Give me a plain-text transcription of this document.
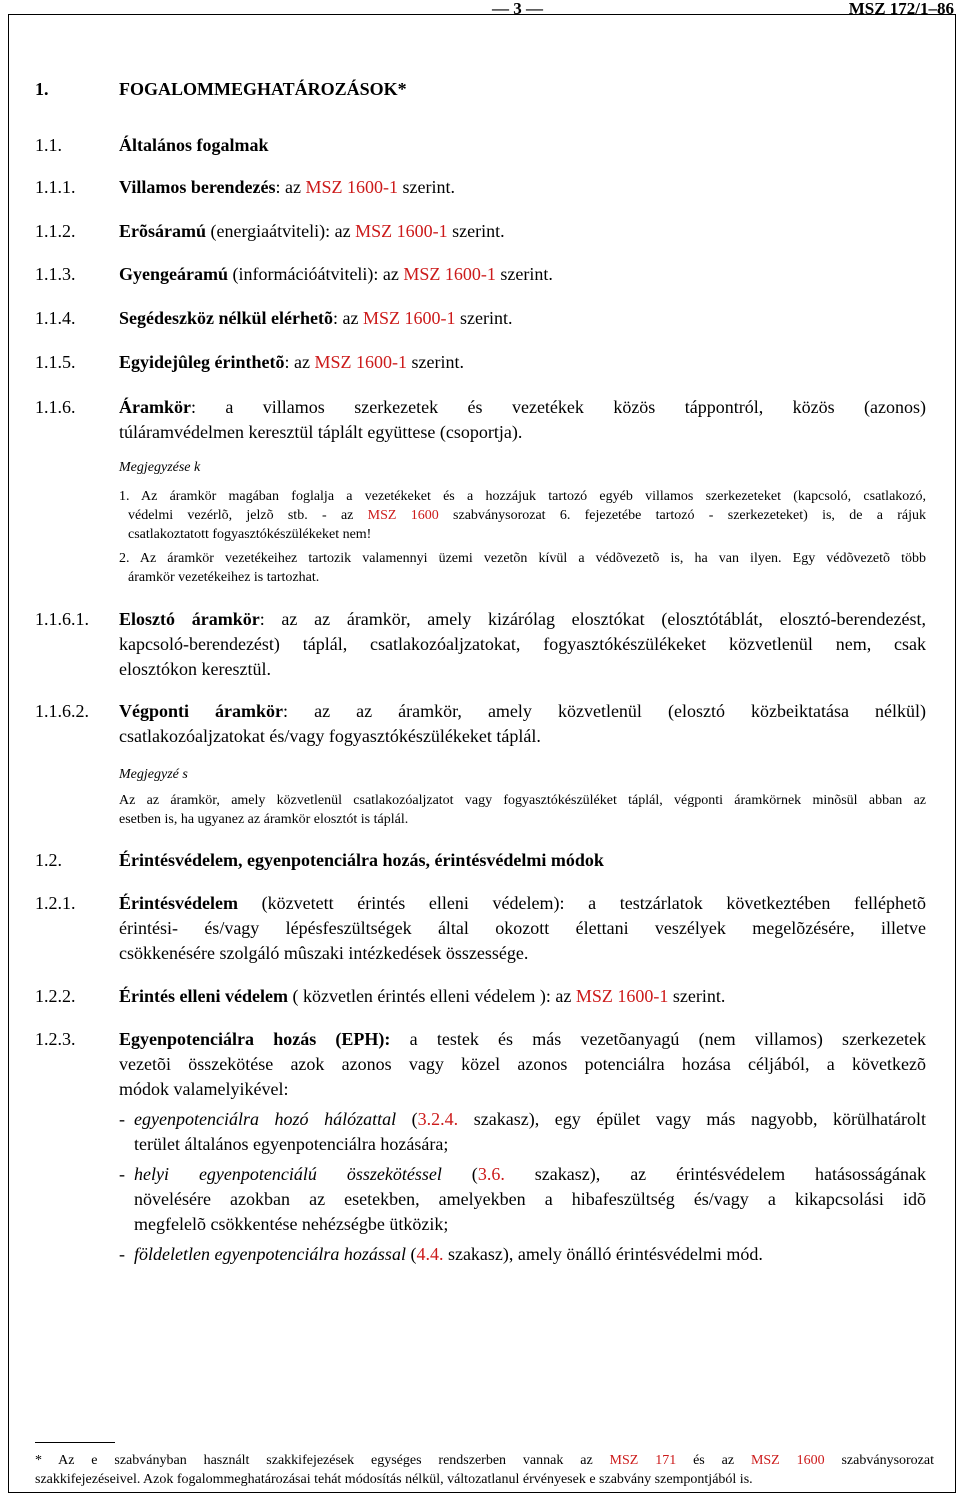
— 3 —	MSZ 172/1–86
1.	FOGALOMMEGHATÁROZÁSOK*
1.1.	Általános fogalmak
1.1.1. Villamos berendezés: az MSZ 1600-1 szerint.
1.1.2. Erõsáramú (energiaátviteli): az MSZ 1600-1 szerint.
1.1.3. Gyengeáramú (információátviteli): az MSZ 1600-1 szerint.
1.1.4. Segédeszköz nélkül elérhetõ: az MSZ 1600-1 szerint.
1.1.5. Egyidejûleg érinthetõ: az MSZ 1600-1 szerint.
1.1.6. Áramkör: a villamos szerkezetek és vezetékek közös táppontról, közös (azonos)
túláramvédelmen keresztül táplált együttese (csoportja).
Megjegyzése k
1. Az áramkör magában foglalja a vezetékeket és a hozzájuk tartozó egyéb villamos szerkezeteket (kapcsoló, csatlakozó,
védelmi vezérlõ, jelzõ stb. - az MSZ 1600 szabványsorozat 6. fejezetébe tartozó - szerkezeteket) is, de a rájuk
csatlakoztatott fogyasztókészülékeket nem!
2. Az áramkör vezetékeihez tartozik valamennyi üzemi vezetõn kívül a védõvezetõ is, ha van ilyen. Egy védõvezetõ több
áramkör vezetékeihez is tartozhat.
1.1.6.1. Elosztó áramkör: az az áramkör, amely kizárólag elosztókat (elosztótáblát, elosztó-berendezést,
kapcsoló-berendezést) táplál, csatlakozóaljzatokat, fogyasztókészülékeket közvetlenül nem, csak
elosztókon keresztül.
1.1.6.2. Végponti áramkör: az az áramkör, amely közvetlenül (elosztó közbeiktatása nélkül)
csatlakozóaljzatokat és/vagy fogyasztókészülékeket táplál.
Megjegyzé s
Az az áramkör, amely közvetlenül csatlakozóaljzatot vagy fogyasztókészüléket táplál, végponti áramkörnek minõsül abban az
esetben is, ha ugyanez az áramkör elosztót is táplál.
1.2.	Érintésvédelem, egyenpotenciálra hozás, érintésvédelmi módok
1.2.1. Érintésvédelem (közvetett érintés elleni védelem): a testzárlatok következtében felléphetõ
érintési- és/vagy lépésfeszültségek által okozott élettani veszélyek megelõzésére, illetve
csökkenésére szolgáló mûszaki intézkedések összessége.
1.2.2. Érintés elleni védelem ( közvetlen érintés elleni védelem ): az MSZ 1600-1 szerint.
1.2.3. Egyenpotenciálra hozás (EPH): a testek és más vezetõanyagú (nem villamos) szerkezetek
vezetõi összekötése azok azonos vagy közel azonos potenciálra hozása céljából, a következõ
módok valamelyikével:
- egyenpotenciálra hozó hálózattal (3.2.4. szakasz), egy épület vagy más nagyobb, körülhatárolt
terület általános egyenpotenciálra hozására;
- helyi egyenpotenciálú összekötéssel (3.6. szakasz), az érintésvédelem hatásosságának
növelésére azokban az esetekben, amelyekben a hibafeszültség és/vagy a kikapcsolási idõ
megfelelõ csökkentése nehézségbe ütközik;
- földeletlen egyenpotenciálra hozással (4.4. szakasz), amely önálló érintésvédelmi mód.
* Az e szabványban használt szakkifejezések egységes rendszerben vannak az MSZ 171 és az MSZ 1600 szabványsorozat
szakkifejezéseivel. Azok fogalommeghatározásai tehát módosítás nélkül, változatlanul érvényesek e szabvány szempontjából is.
